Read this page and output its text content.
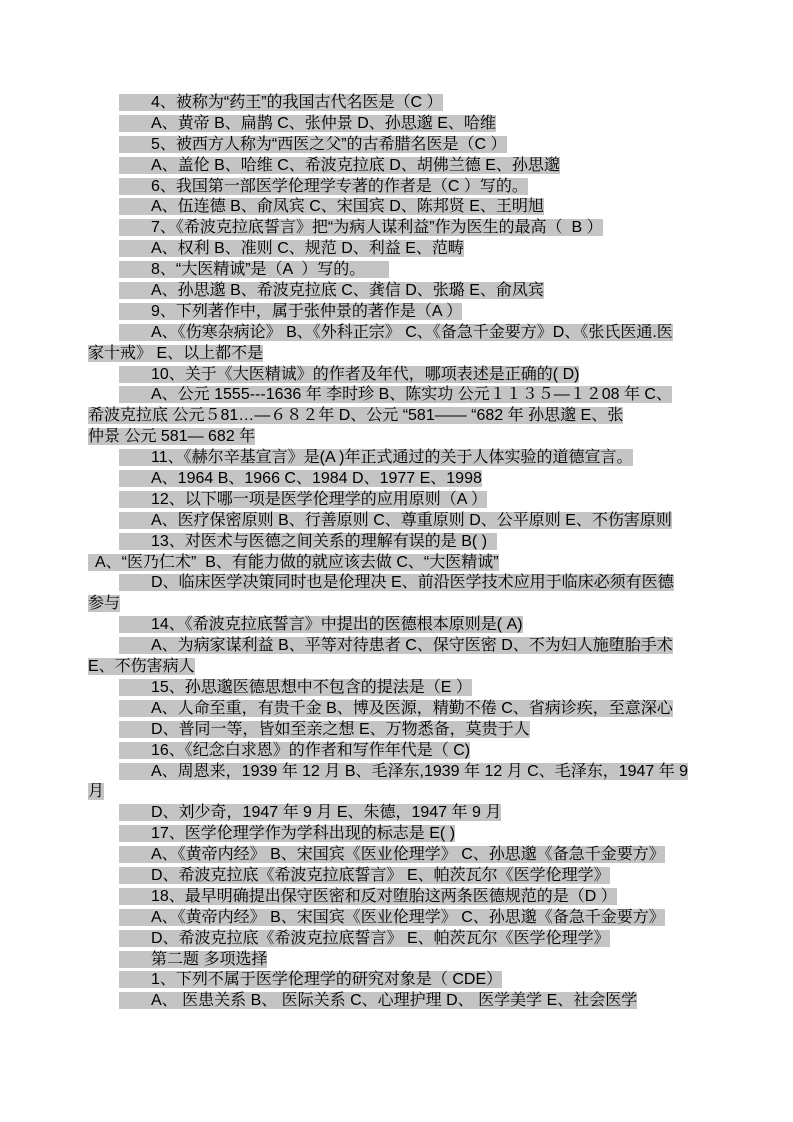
4、被称为“药王”的我国古代名医是（C ）
A、黄帝 B、扁鹊 C、张仲景 D、孙思邈 E、哈维
5、被西方人称为“西医之父”的古希腊名医是（C ）
A、盖伦 B、哈维 C、希波克拉底 D、胡佛兰德 E、孙思邈
6、我国第一部医学伦理学专著的作者是（C ）写的。
A、伍连德 B、俞凤宾 C、宋国宾 D、陈邦贤 E、王明旭
7、《希波克拉底誓言》把“为病人谋利益”作为医生的最高（  B ）
A、权利 B、准则 C、规范 D、利益 E、范畴
8、“大医精诚”是（A  ）写的。
A、孙思邈 B、希波克拉底 C、龚信 D、张璐 E、俞凤宾
9、下列著作中，属于张仲景的著作是（A ）
A、《伤寒杂病论》 B、《外科正宗》 C、《备急千金要方》D、《张氏医通.医
家十戒》 E、以上都不是
10、关于《大医精诚》的作者及年代，哪项表述是正确的( D)
A、公元 1555---1636 年 李时珍 B、陈实功 公元１１３５—１２08 年 C、
希波克拉底 公元５81…—６８２年 D、公元 “581—— “682 年 孙思邈 E、张
仲景 公元 581— 682 年
11、《赫尔辛基宣言》是(A )年正式通过的关于人体实验的道德宣言。
A、1964 B、1966 C、1984 D、1977 E、1998
12、以下哪一项是医学伦理学的应用原则（A ）
A、医疗保密原则 B、行善原则 C、尊重原则 D、公平原则 E、不伤害原则
13、对医术与医德之间关系的理解有误的是 B( )
A、“医乃仁术”  B、有能力做的就应该去做 C、“大医精诚”
D、临床医学决策同时也是伦理决 E、前沿医学技术应用于临床必须有医德
参与
14、《希波克拉底誓言》中提出的医德根本原则是( A)
A、为病家谋利益 B、平等对待患者 C、保守医密 D、不为妇人施堕胎手术
E、不伤害病人
15、孙思邈医德思想中不包含的提法是（E ）
A、人命至重，有贵千金 B、博及医源，精勤不倦 C、省病诊疾，至意深心
D、普同一等，皆如至亲之想 E、万物悉备，莫贵于人
16、《纪念白求恩》的作者和写作年代是（ C)
A、周恩来，1939 年 12 月 B、毛泽东,1939 年 12 月 C、毛泽东，1947 年 9
月
D、刘少奇，1947 年 9 月 E、朱德，1947 年 9 月
17、医学伦理学作为学科出现的标志是 E( )
A、《黄帝内经》 B、宋国宾《医业伦理学》 C、孙思邈《备急千金要方》
D、希波克拉底《希波克拉底誓言》 E、帕茨瓦尔《医学伦理学》
18、最早明确提出保守医密和反对堕胎这两条医德规范的是（D ）
A、《黄帝内经》 B、宋国宾《医业伦理学》 C、孙思邈《备急千金要方》
D、希波克拉底《希波克拉底誓言》 E、帕茨瓦尔《医学伦理学》
第二题 多项选择
1、下列不属于医学伦理学的研究对象是（ CDE）
A、 医患关系 B、 医际关系 C、心理护理 D、 医学美学 E、社会医学
